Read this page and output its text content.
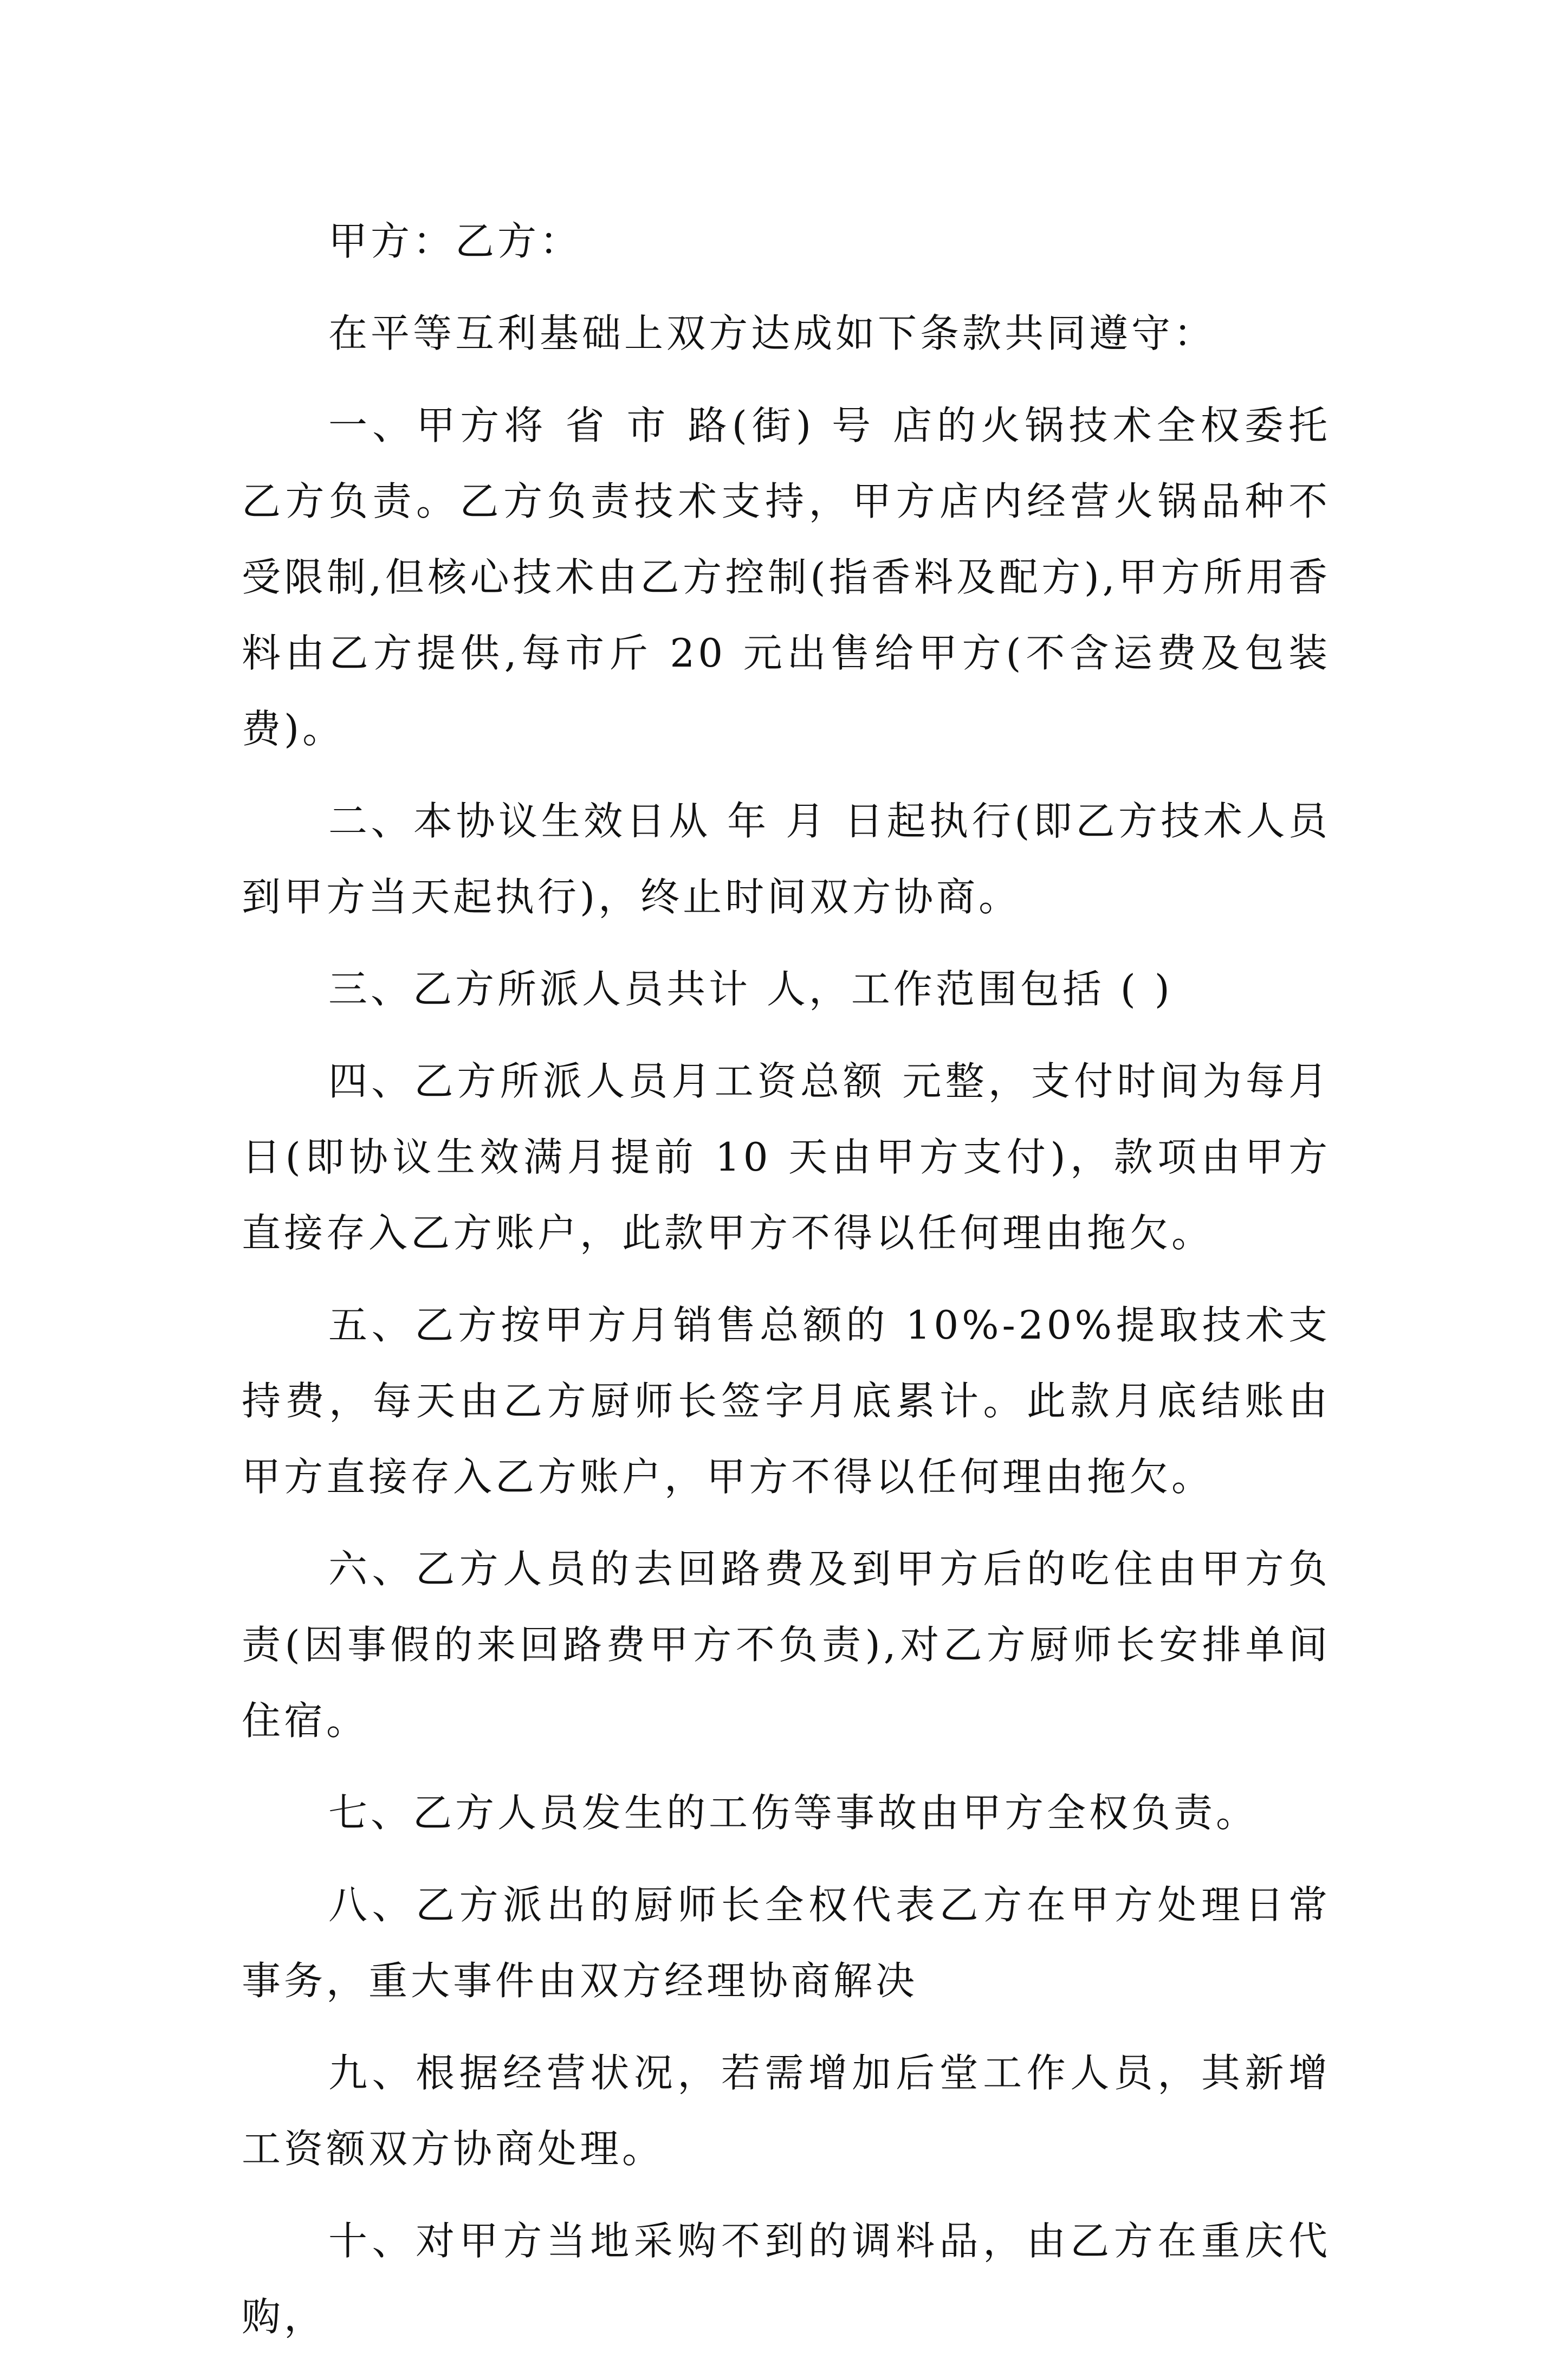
甲方：乙方：

在平等互利基础上双方达成如下条款共同遵守：

一、甲方将 省 市 路(街) 号 店的火锅技术全权委托乙方负责。乙方负责技术支持，甲方店内经营火锅品种不受限制,但核心技术由乙方控制(指香料及配方),甲方所用香料由乙方提供,每市斤 20 元出售给甲方(不含运费及包装费)。

二、本协议生效日从 年 月 日起执行(即乙方技术人员到甲方当天起执行)，终止时间双方协商。

三、乙方所派人员共计 人，工作范围包括 ( )

四、乙方所派人员月工资总额 元整，支付时间为每月 日(即协议生效满月提前 10 天由甲方支付)，款项由甲方直接存入乙方账户，此款甲方不得以任何理由拖欠。

五、乙方按甲方月销售总额的 10%-20%提取技术支持费，每天由乙方厨师长签字月底累计。此款月底结账由甲方直接存入乙方账户，甲方不得以任何理由拖欠。

六、乙方人员的去回路费及到甲方后的吃住由甲方负责(因事假的来回路费甲方不负责),对乙方厨师长安排单间住宿。

七、乙方人员发生的工伤等事故由甲方全权负责。

八、乙方派出的厨师长全权代表乙方在甲方处理日常事务，重大事件由双方经理协商解决

九、根据经营状况，若需增加后堂工作人员，其新增工资额双方协商处理。

十、对甲方当地采购不到的调料品，由乙方在重庆代购，
